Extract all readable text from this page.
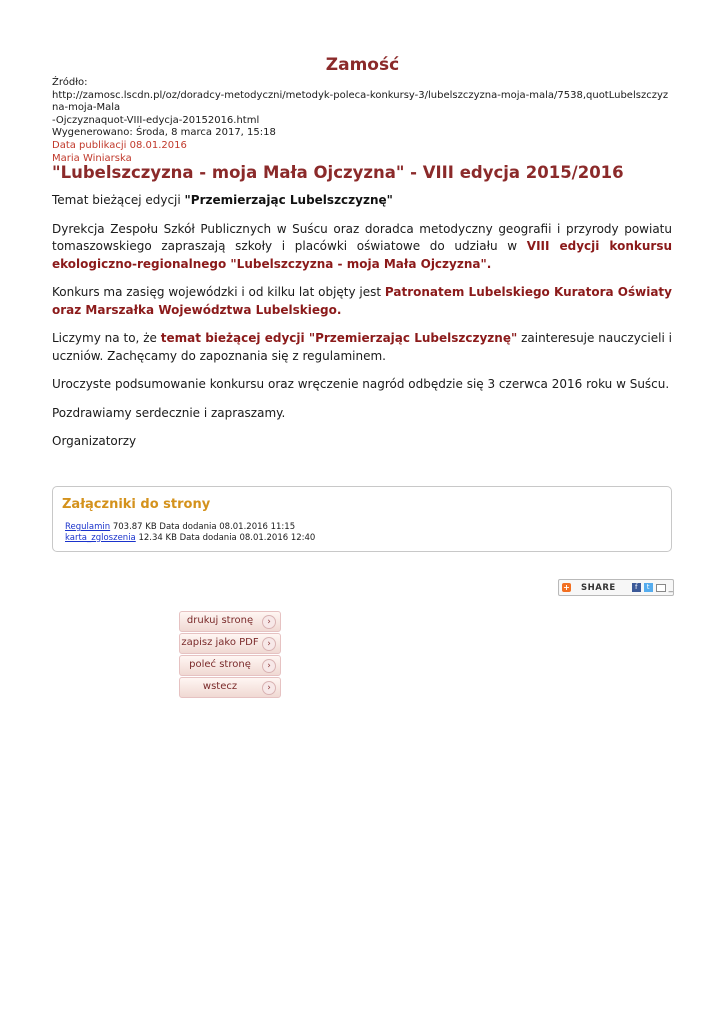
Zamość
Źródło:
http://zamosc.lscdn.pl/oz/doradcy-metodyczni/metodyk-poleca-konkursy-3/lubelszczyzna-moja-mala/7538,quotLubelszczyzna-moja-Mala
-Ojczyznaquot-VIII-edycja-20152016.html
Wygenerowano: Środa, 8 marca 2017, 15:18
Data publikacji 08.01.2016
Maria Winiarska
"Lubelszczyzna - moja Mała Ojczyzna" - VIII edycja 2015/2016

Temat bieżącej edycji "Przemierzając Lubelszczyznę"

Dyrekcja Zespołu Szkół Publicznych w Suścu oraz doradca metodyczny geografii i przyrody powiatu tomaszowskiego zapraszają szkoły i placówki oświatowe do udziału w VIII edycji konkursu ekologiczno-regionalnego "Lubelszczyzna - moja Mała Ojczyzna".

Konkurs ma zasięg wojewódzki i od kilku lat objęty jest Patronatem Lubelskiego Kuratora Oświaty oraz Marszałka Województwa Lubelskiego.

Liczymy na to, że temat bieżącej edycji "Przemierzając Lubelszczyznę" zainteresuje nauczycieli i uczniów. Zachęcamy do zapoznania się z regulaminem.

Uroczyste podsumowanie konkursu oraz wręczenie nagród odbędzie się 3 czerwca 2016 roku w Suścu.

Pozdrawiamy serdecznie i zapraszamy.

Organizatorzy

Załączniki do strony
Regulamin 703.87 KB Data dodania 08.01.2016 11:15
karta_zgloszenia 12.34 KB Data dodania 08.01.2016 12:40
+ SHARE	f	t	_
drukuj stronę	›
zapisz jako PDF ›
poleć stronę	›
wstecz	›
